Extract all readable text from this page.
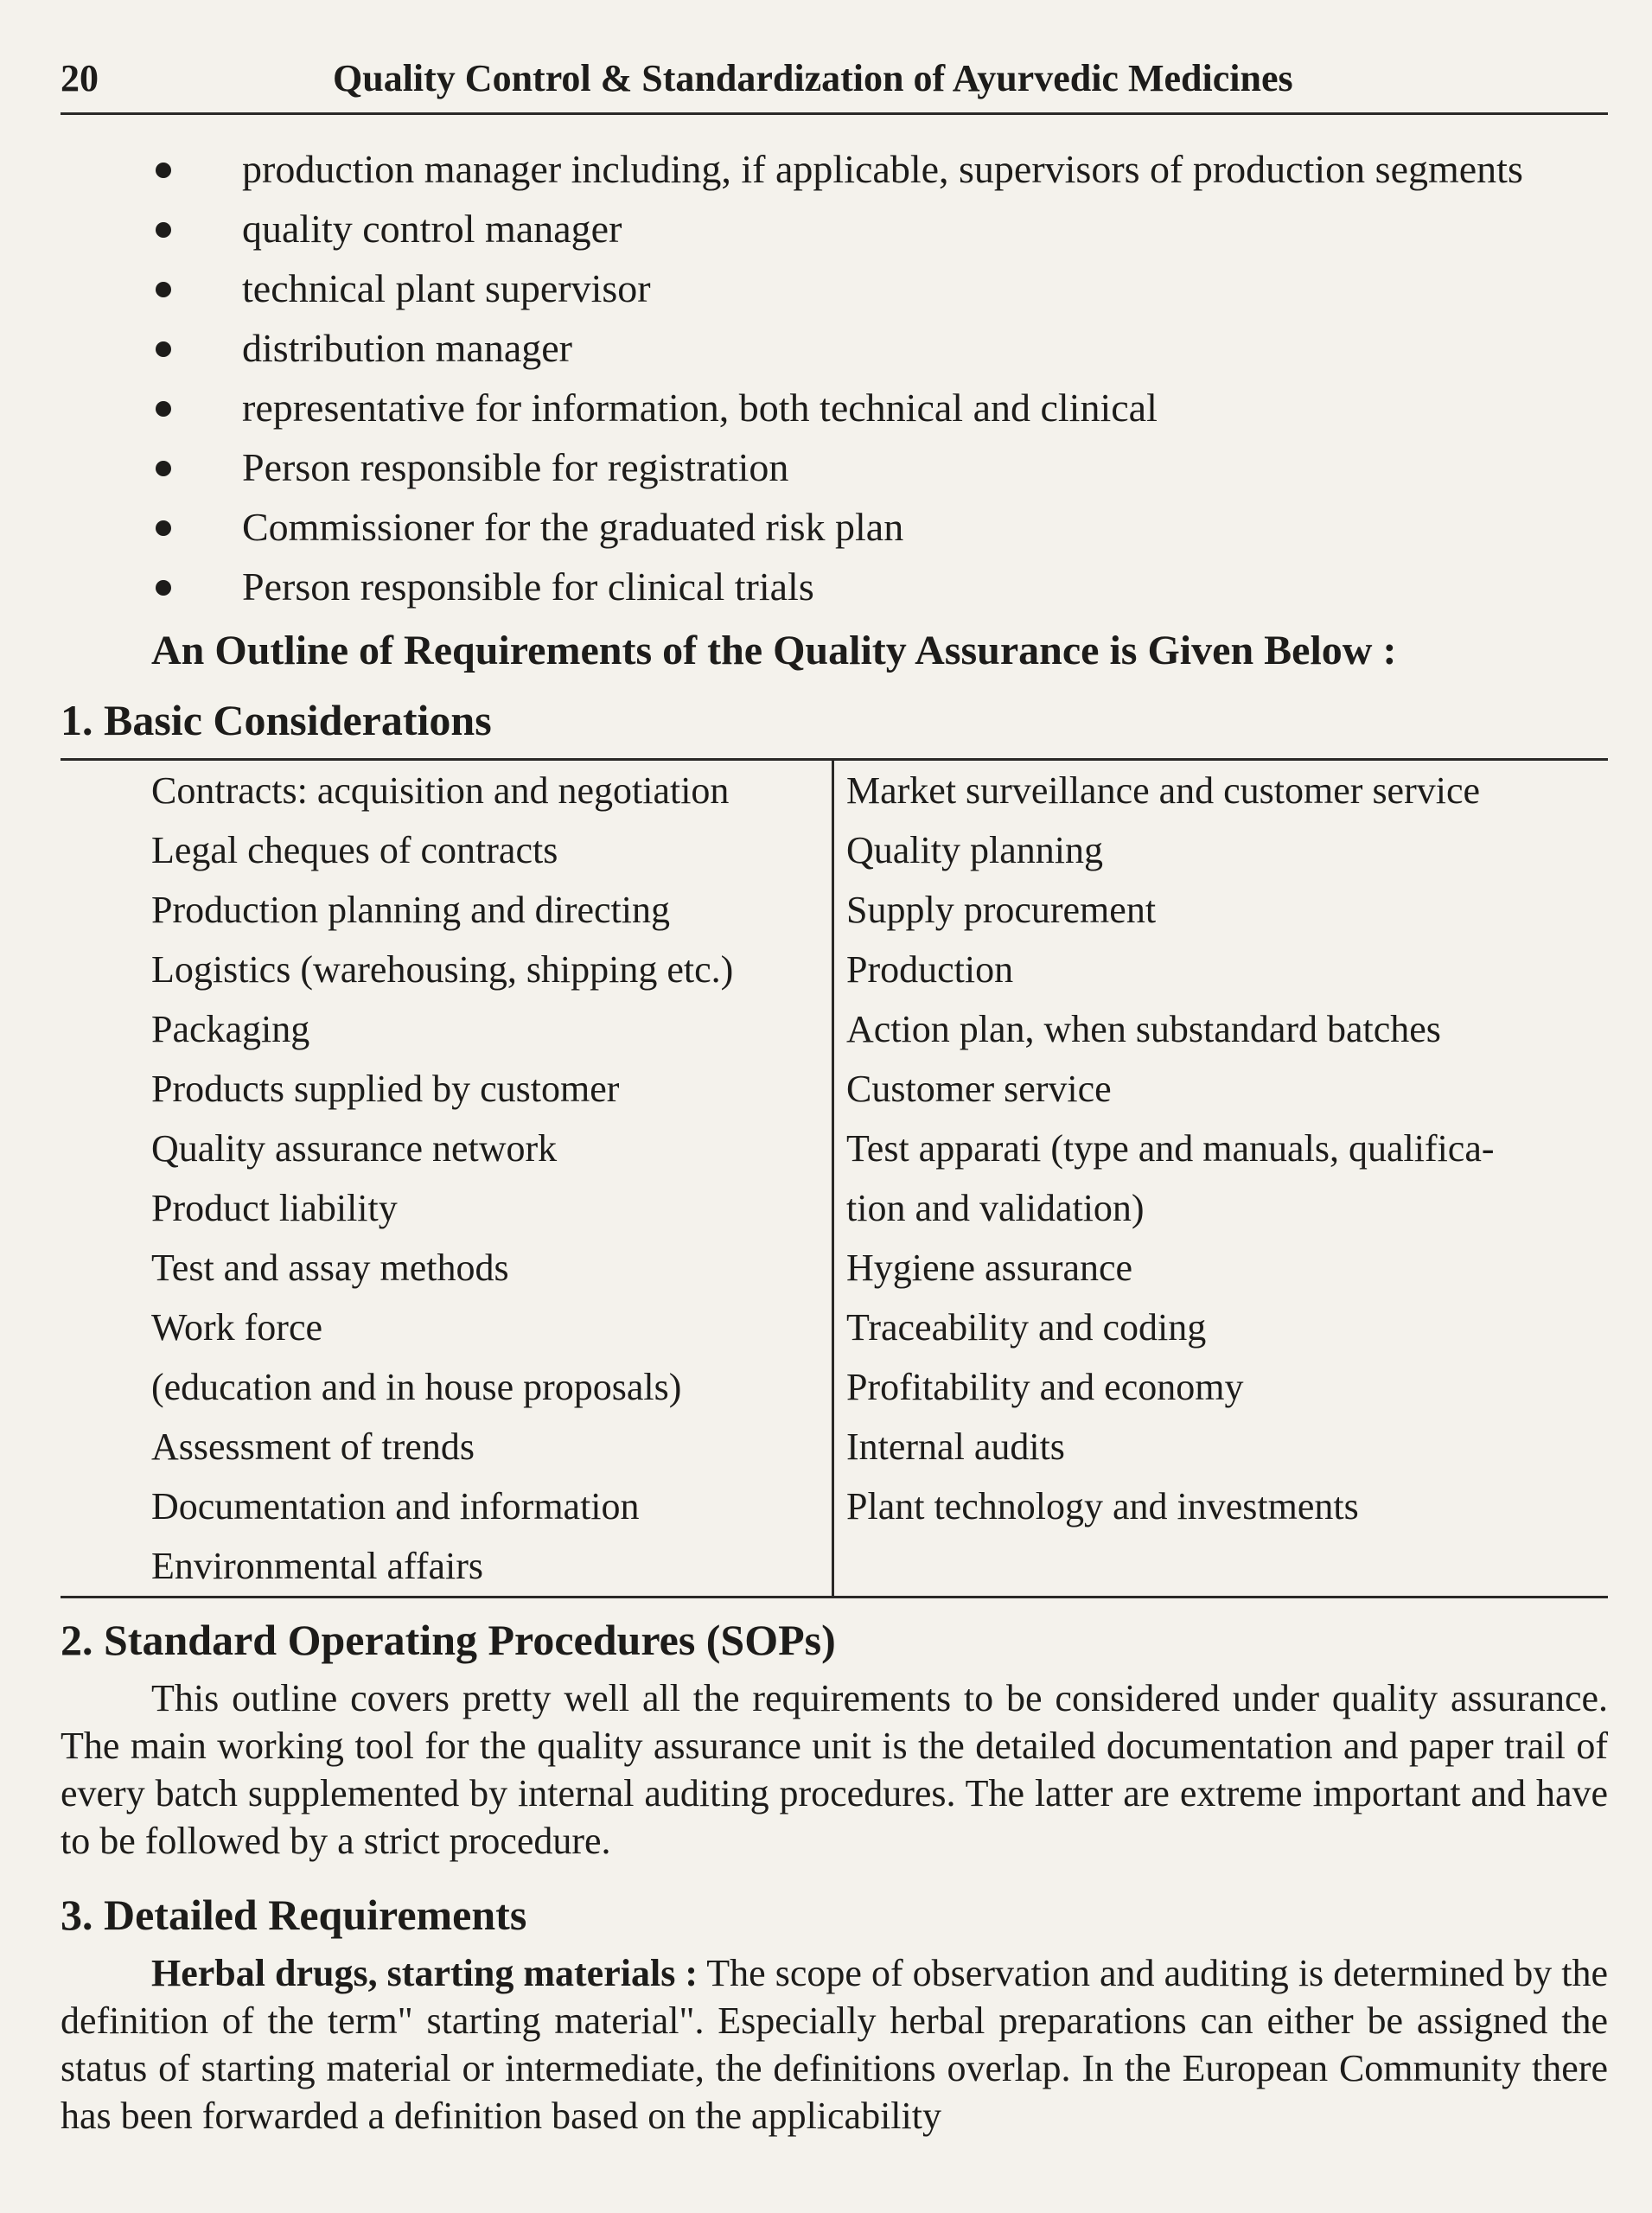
20	Quality Control & Standardization of Ayurvedic Medicines
production manager including, if applicable, supervisors of production segments
quality control manager
technical plant supervisor
distribution manager
representative for information, both technical and clinical
Person responsible for registration
Commissioner for the graduated risk plan
Person responsible for clinical trials
An Outline of Requirements of the Quality Assurance is Given Below :
1. Basic Considerations
Contracts: acquisition and negotiation
Legal cheques of contracts
Production planning and directing
Logistics (warehousing, shipping etc.)
Packaging
Products supplied by customer
Quality assurance network
Product liability
Test and assay methods
Work force
(education and in house proposals)
Assessment of trends
Documentation and information
Environmental affairs
Market surveillance and customer service
Quality planning
Supply procurement
Production
Action plan, when substandard batches
Customer service
Test apparati (type and manuals, qualifica-
tion and validation)
Hygiene assurance
Traceability and coding
Profitability and economy
Internal audits
Plant technology and investments
2. Standard Operating Procedures (SOPs)

This outline covers pretty well all the requirements to be considered under quality assurance. The main working tool for the quality assurance unit is the detailed documentation and paper trail of every batch supplemented by internal auditing procedures. The latter are extreme important and have to be followed by a strict procedure.

3. Detailed Requirements

Herbal drugs, starting materials : The scope of observation and auditing is determined by the definition of the term" starting material". Especially herbal preparations can either be assigned the status of starting material or intermediate, the definitions overlap. In the European Community there has been forwarded a definition based on the applicability
